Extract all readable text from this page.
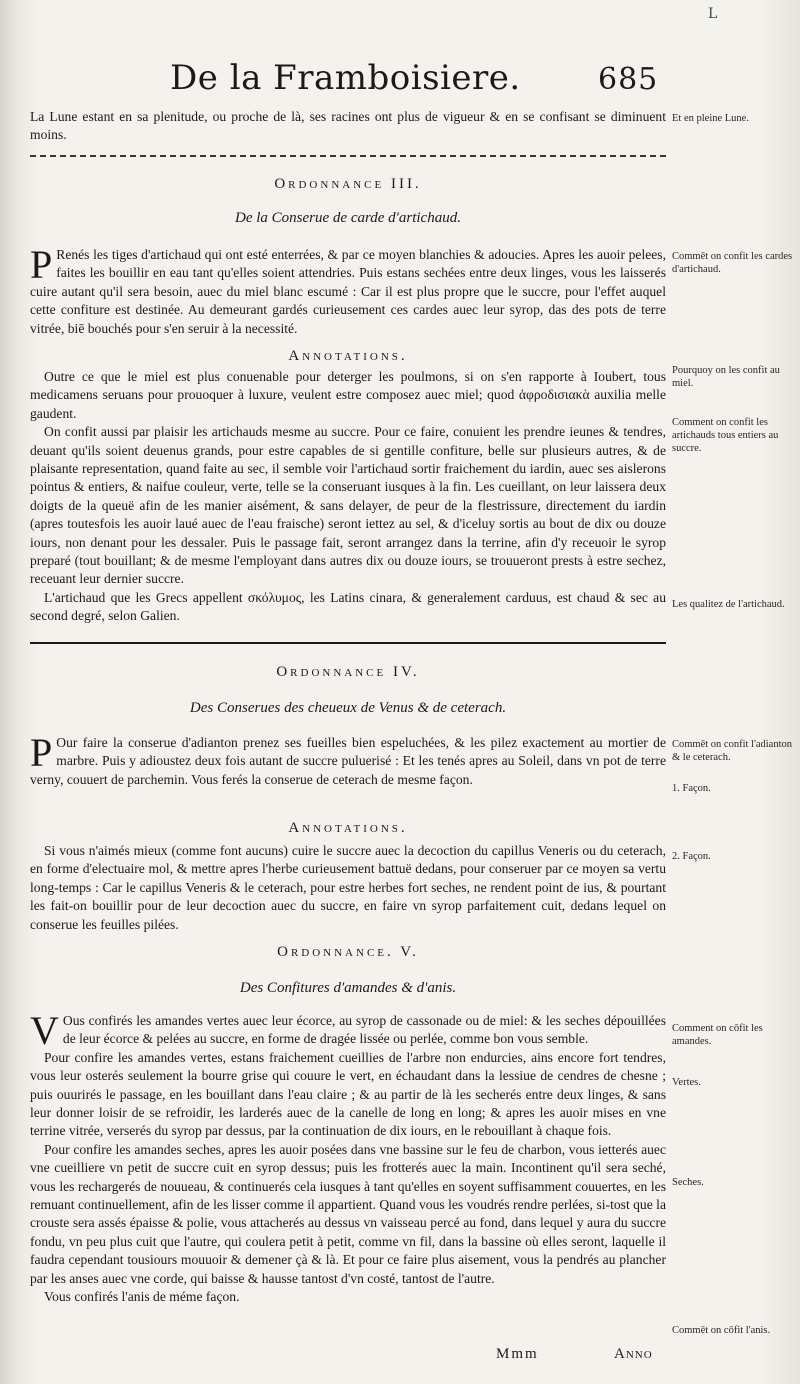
L
De la Framboisiere.	685

La Lune estant en sa plenitude, ou proche de là, ses racines ont plus de vigueur & en se confisant se diminuent moins.

Et en pleine Lune.
Ordonnance III.
De la Conserue de carde d'artichaud.
P Renés les tiges d'artichaud qui ont esté enterrées, & par ce moyen blanchies & adoucies. Apres les auoir pelees, faites les bouillir en eau tant qu'elles soient attendries. Puis estans sechées entre deux linges, vous les laisserés cuire autant qu'il sera besoin, auec du miel blanc escumé : Car il est plus propre que le succre, pour l'effet auquel cette confiture est destinée. Au demeurant gardés curieusement ces cardes auec leur syrop, das des pots de terre vitrée, biē bouchés pour s'en seruir à la necessité.
Commēt on confit les cardes d'artichaud.
Annotations.

Outre ce que le miel est plus conuenable pour deterger les poulmons, si on s'en rapporte à Ioubert, tous medicamens seruans pour prouoquer à luxure, veulent estre composez auec miel; quod ἀφροδισιακὰ auxilia melle gaudent.

On confit aussi par plaisir les artichauds mesme au succre. Pour ce faire, conuient les prendre ieunes & tendres, deuant qu'ils soient deuenus grands, pour estre capables de si gentille confiture, belle sur plusieurs autres, & de plaisante representation, quand faite au sec, il semble voir l'artichaud sortir fraichement du iardin, auec ses aislerons pointus & entiers, & naifue couleur, verte, telle se la conseruant iusques à la fin. Les cueillant, on leur laissera deux doigts de la queuë afin de les manier aisément, & sans delayer, de peur de la flestrissure, directement du iardin (apres toutesfois les auoir laué auec de l'eau fraische) seront iettez au sel, & d'iceluy sortis au bout de dix ou douze iours, non denant pour les dessaler. Puis le passage fait, seront arrangez dans la terrine, afin d'y receuoir le syrop preparé (tout bouillant; & de mesme l'employant dans autres dix ou douze iours, se trouueront prests à estre sechez, receuant leur dernier succre.

L'artichaud que les Grecs appellent σκόλυμος, les Latins cinara, & generalement carduus, est chaud & sec au second degré, selon Galien.

Pourquoy on les confit au miel.
Comment on confit les artichauds tous entiers au succre.
Les qualitez de l'artichaud.
Ordonnance IV.
Des Conserues des cheueux de Venus & de ceterach.
P Our faire la conserue d'adianton prenez ses fueilles bien espeluchées, & les pilez exactement au mortier de marbre. Puis y adioustez deux fois autant de succre puluerisé : Et les tenés apres au Soleil, dans vn pot de terre verny, couuert de parchemin. Vous ferés la conserue de ceterach de mesme façon.
Commēt on confit l'adianton & le ceterach.
1. Façon.
Annotations.

Si vous n'aimés mieux (comme font aucuns) cuire le succre auec la decoction du capillus Veneris ou du ceterach, en forme d'electuaire mol, & mettre apres l'herbe curieusement battuë dedans, pour conseruer par ce moyen sa vertu long-temps : Car le capillus Veneris & le ceterach, pour estre herbes fort seches, ne rendent point de ius, & pourtant les fait-on bouillir pour de leur decoction auec du succre, en faire vn syrop parfaitement cuit, dedans lequel on conserue les feuilles pilées.

2. Façon.
Ordonnance. V.
Des Confitures d'amandes & d'anis.

V Ous confirés les amandes vertes auec leur écorce, au syrop de cassonade ou de miel: & les seches dépouillées de leur écorce & pelées au succre, en forme de dragée lissée ou perlée, comme bon vous semble.

Pour confire les amandes vertes, estans fraichement cueillies de l'arbre non endurcies, ains encore fort tendres, vous leur osterés seulement la bourre grise qui couure le vert, en échaudant dans la lessiue de cendres de chesne ; puis ouurirés le passage, en les bouillant dans l'eau claire ; & au partir de là les secherés entre deux linges, & sans leur donner loisir de se refroidir, les larderés auec de la canelle de long en long; & apres les auoir mises en vne terrine vitrée, verserés du syrop par dessus, par la continuation de dix iours, en le rebouillant à chaque fois.

Pour confire les amandes seches, apres les auoir posées dans vne bassine sur le feu de charbon, vous ietterés auec vne cueilliere vn petit de succre cuit en syrop dessus; puis les frotterés auec la main. Incontinent qu'il sera seché, vous les rechargerés de nouueau, & continuerés cela iusques à tant qu'elles en soyent suffisamment couuertes, en les remuant continuellement, afin de les lisser comme il appartient. Quand vous les voudrés rendre perlées, si-tost que la crouste sera assés épaisse & polie, vous attacherés au dessus vn vaisseau percé au fond, dans lequel y aura du succre fondu, vn peu plus cuit que l'autre, qui coulera petit à petit, comme vn fil, dans la bassine où elles seront, laquelle il faudra cependant tousiours mouuoir & demener çà & là. Et pour ce faire plus aisement, vous la pendrés au plancher par les anses auec vne corde, qui baisse & hausse tantost d'vn costé, tantost de l'autre.

Vous confirés l'anis de méme façon.

Comment on cōfit les amandes.
Vertes.
Seches.
Commēt on cōfit l'anis.
Mmm	Anno
